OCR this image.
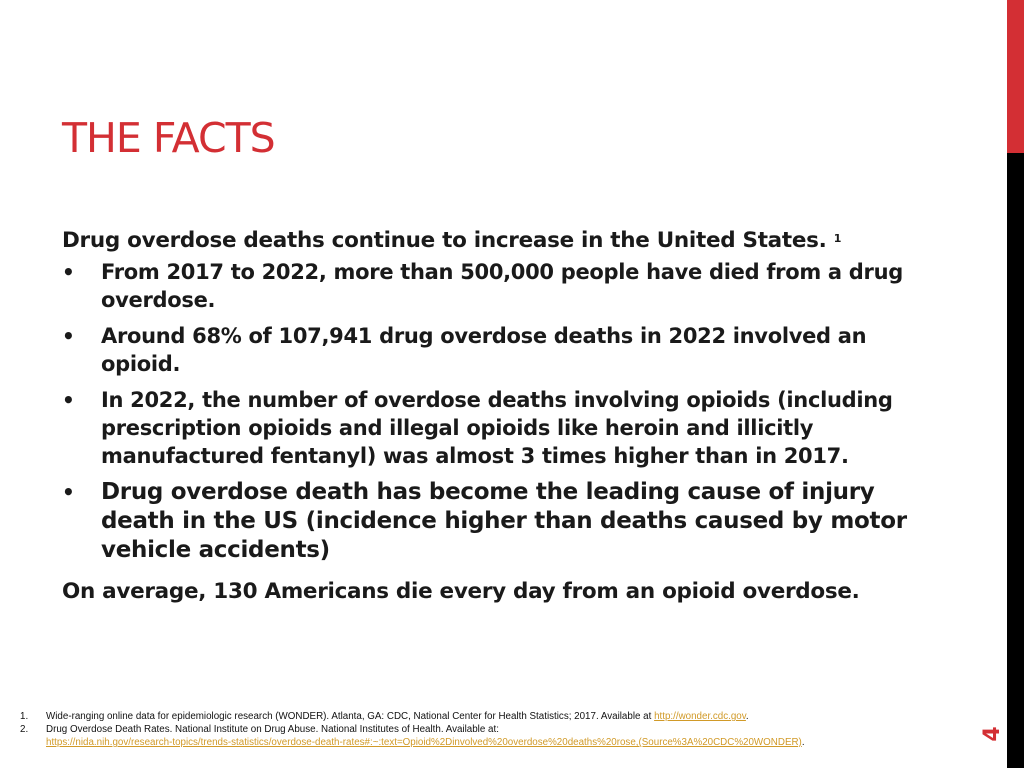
THE FACTS

Drug overdose deaths continue to increase in the United States. $^1$

• From 2017 to 2022, more than 500,000 people have died from a drug overdose.
• Around 68% of 107,941 drug overdose deaths in 2022 involved an opioid.
• In 2022, the number of overdose deaths involving opioids (including prescription opioids and illegal opioids like heroin and illicitly manufactured fentanyl) was almost 3 times higher than in 2017.
• Drug overdose death has become the leading cause of injury death in the US (incidence higher than deaths caused by motor vehicle accidents)

On average, 130 Americans die every day from an opioid overdose.

1. Wide-ranging online data for epidemiologic research (WONDER). Atlanta, GA: CDC, National Center for Health Statistics; 2017. Available at http://wonder.cdc.gov.
2. Drug Overdose Death Rates. National Institute on Drug Abuse. National Institutes of Health. Available at:
https://nida.nih.gov/research-topics/trends-statistics/overdose-death-rates#:~:text=Opioid%2Dinvolved%20overdose%20deaths%20rose,(Source%3A%20CDC%20WONDER).
4
